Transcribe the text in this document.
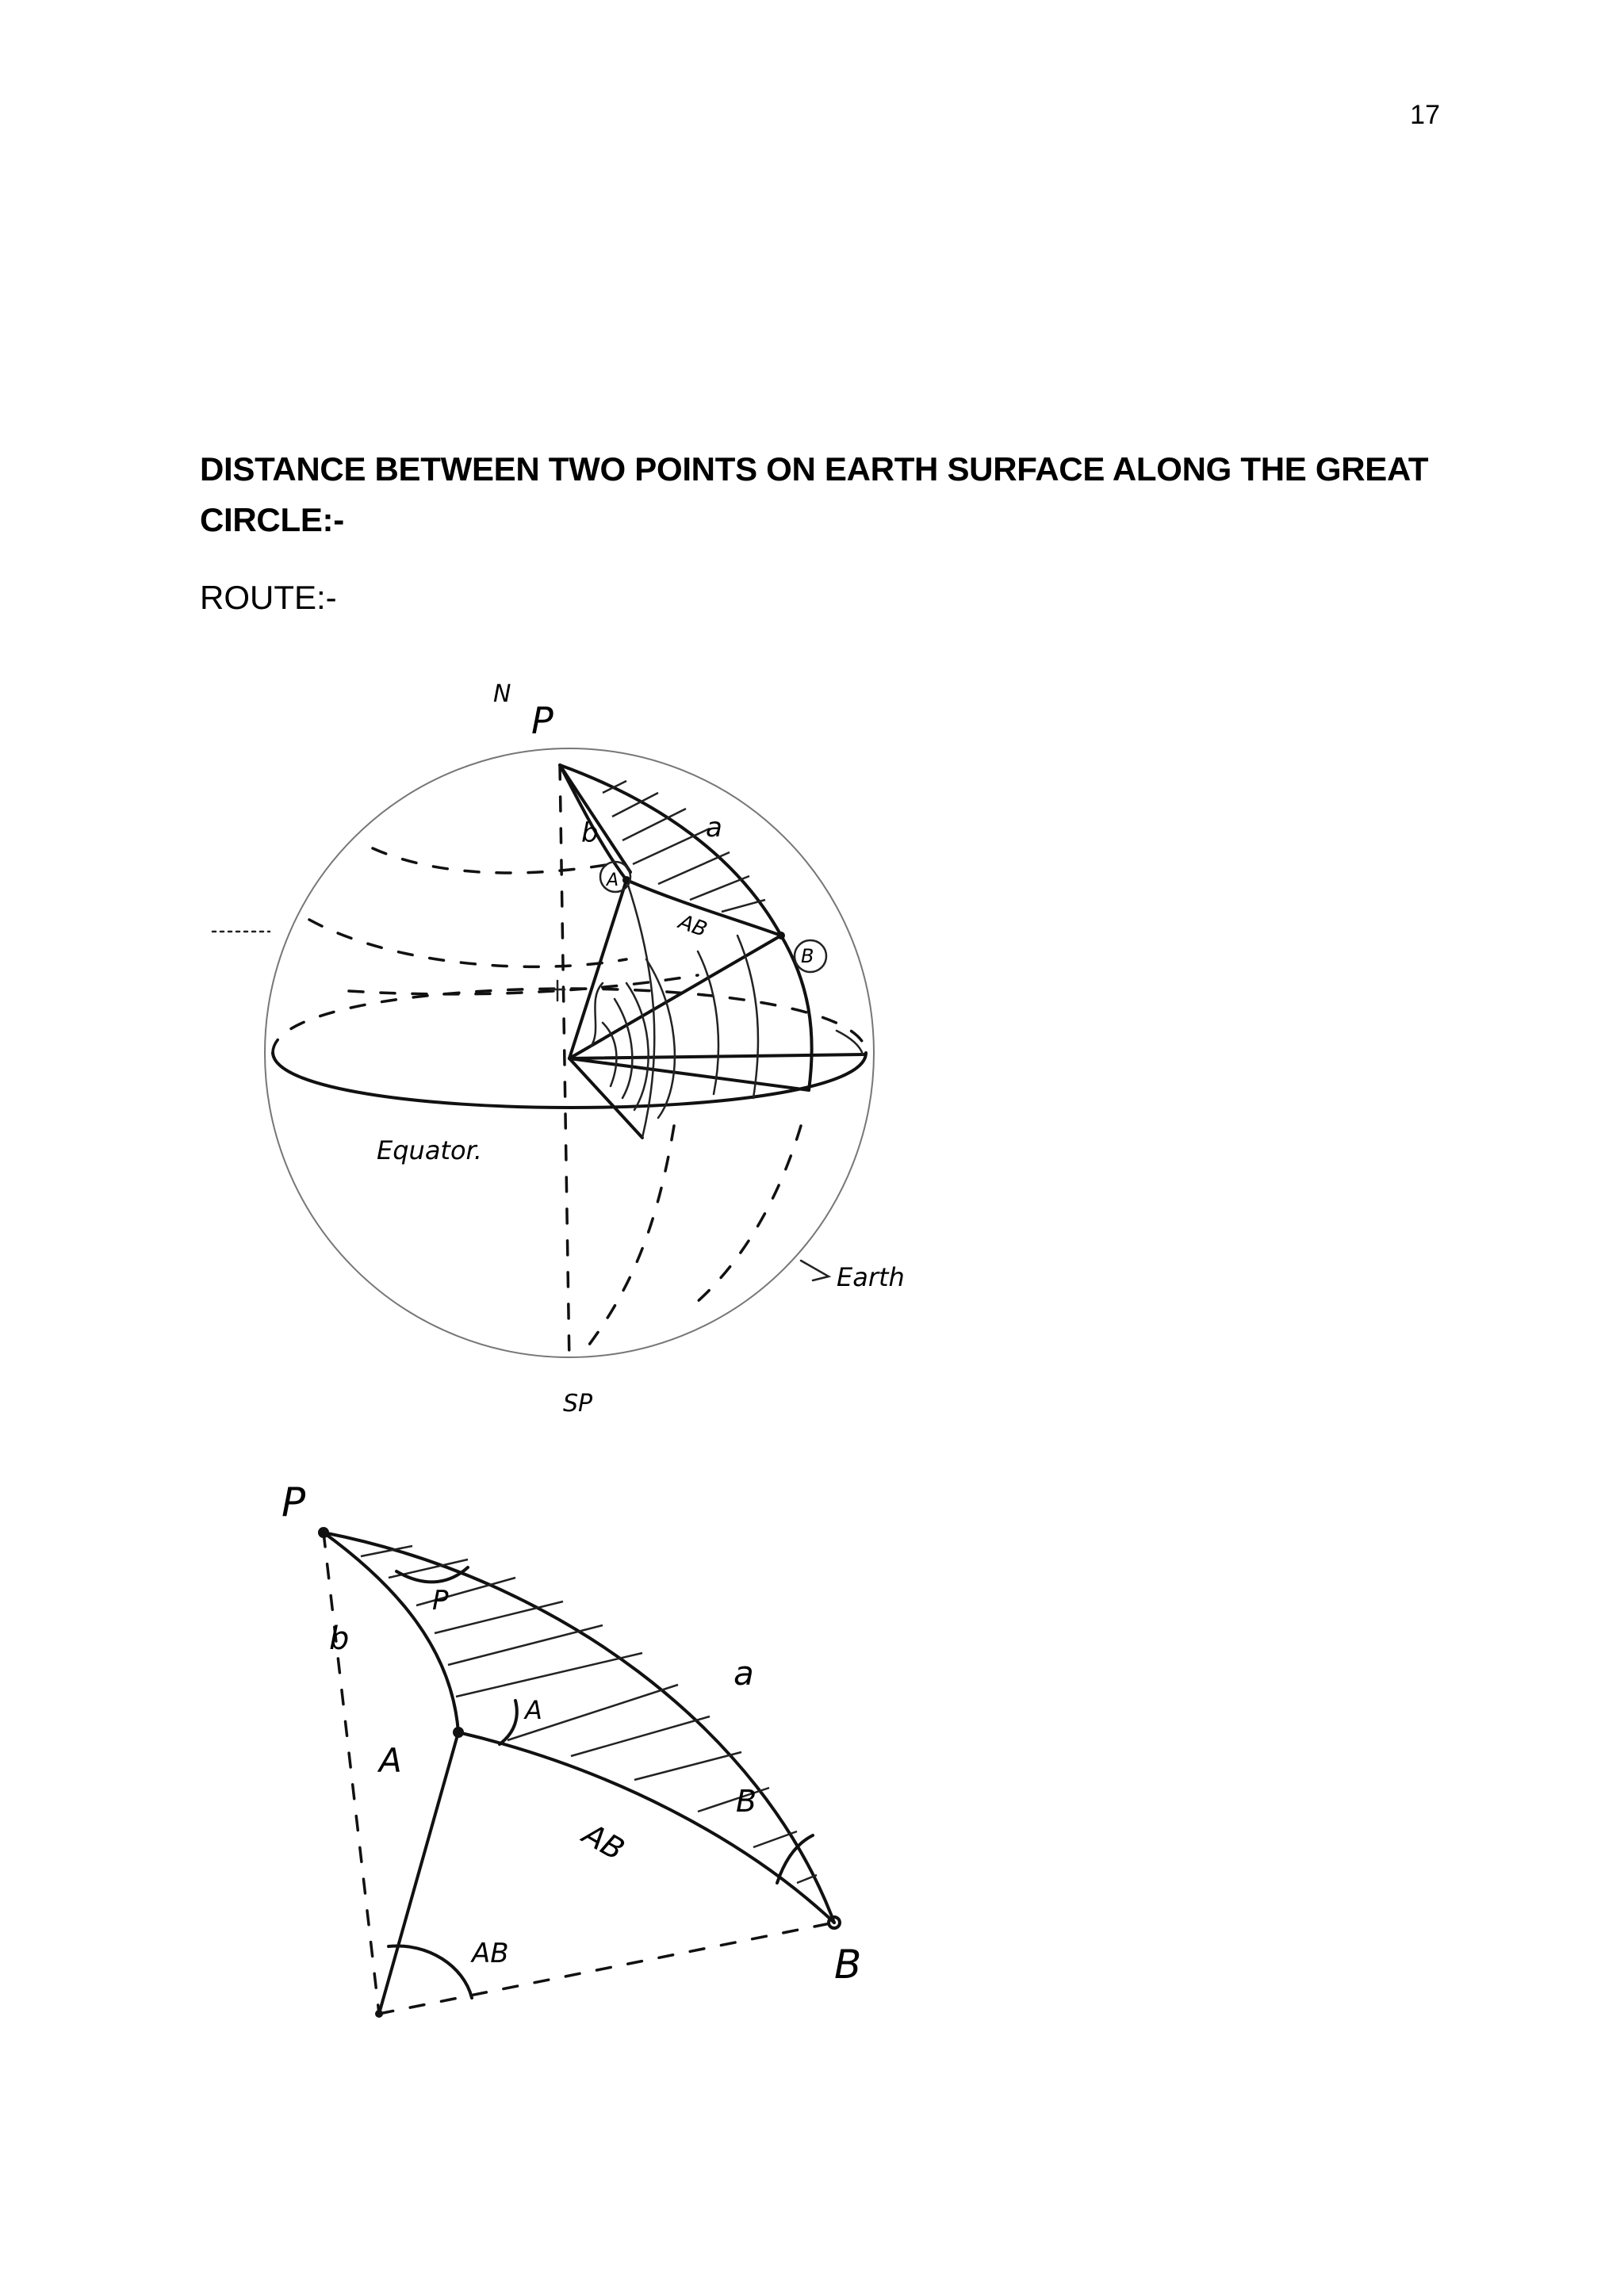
17
DISTANCE BETWEEN TWO POINTS ON EARTH SURFACE ALONG THE GREAT
CIRCLE:-
ROUTE:-
N
P
b	a
A
B
AB
Equator.
Earth
SP
P
b
a
P
A
B
A
B
AB
AB
